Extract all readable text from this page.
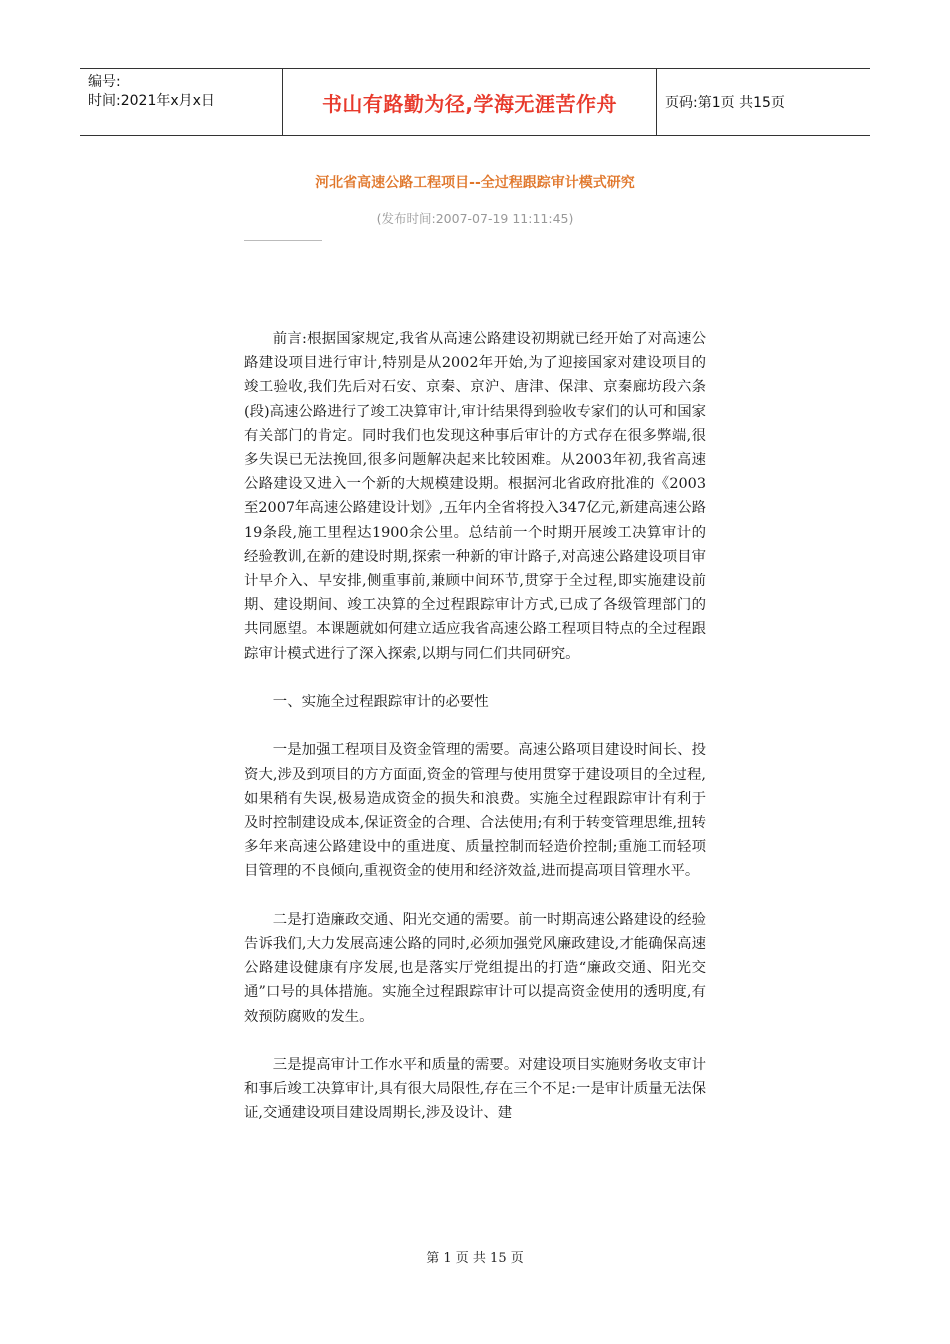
编号:
时间:2021年x月x日	书山有路勤为径,学海无涯苦作舟	页码:第1页 共15页
河北省高速公路工程项目--全过程跟踪审计模式研究
(发布时间:2007-07-19 11:11:45)

前言:根据国家规定,我省从高速公路建设初期就已经开始了对高速公路建设项目进行审计,特别是从2002年开始,为了迎接国家对建设项目的竣工验收,我们先后对石安、京秦、京沪、唐津、保津、京秦廊坊段六条(段)高速公路进行了竣工决算审计,审计结果得到验收专家们的认可和国家有关部门的肯定。同时我们也发现这种事后审计的方式存在很多弊端,很多失误已无法挽回,很多问题解决起来比较困难。从2003年初,我省高速公路建设又进入一个新的大规模建设期。根据河北省政府批准的《2003至2007年高速公路建设计划》,五年内全省将投入347亿元,新建高速公路19条段,施工里程达1900余公里。总结前一个时期开展竣工决算审计的经验教训,在新的建设时期,探索一种新的审计路子,对高速公路建设项目审计早介入、早安排,侧重事前,兼顾中间环节,贯穿于全过程,即实施建设前期、建设期间、竣工决算的全过程跟踪审计方式,已成了各级管理部门的共同愿望。本课题就如何建立适应我省高速公路工程项目特点的全过程跟踪审计模式进行了深入探索,以期与同仁们共同研究。

一、实施全过程跟踪审计的必要性

一是加强工程项目及资金管理的需要。高速公路项目建设时间长、投资大,涉及到项目的方方面面,资金的管理与使用贯穿于建设项目的全过程,如果稍有失误,极易造成资金的损失和浪费。实施全过程跟踪审计有利于及时控制建设成本,保证资金的合理、合法使用;有利于转变管理思维,扭转多年来高速公路建设中的重进度、质量控制而轻造价控制;重施工而轻项目管理的不良倾向,重视资金的使用和经济效益,进而提高项目管理水平。

二是打造廉政交通、阳光交通的需要。前一时期高速公路建设的经验告诉我们,大力发展高速公路的同时,必须加强党风廉政建设,才能确保高速公路建设健康有序发展,也是落实厅党组提出的打造“廉政交通、阳光交通”口号的具体措施。实施全过程跟踪审计可以提高资金使用的透明度,有效预防腐败的发生。

三是提高审计工作水平和质量的需要。对建设项目实施财务收支审计和事后竣工决算审计,具有很大局限性,存在三个不足:一是审计质量无法保证,交通建设项目建设周期长,涉及设计、建

第 1 页 共 15 页
